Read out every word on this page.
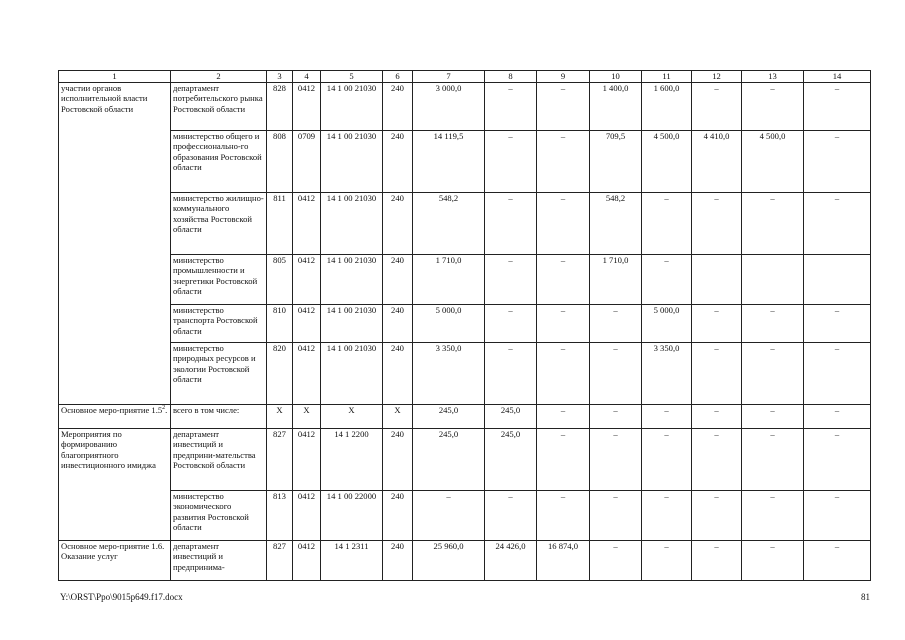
1	2	3	4	5	6	7	8	9	10	11	12	13	14
участии органов исполнительной власти Ростовской области	департамент потребительского рынка Ростовской области	828	0412	14 1 00 21030	240	3 000,0	–	–	1 400,0	1 600,0	–	–	–
	министерство общего и профессионально-го образования Ростовской области	808	0709	14 1 00 21030	240	14 119,5	–	–	709,5	4 500,0	4 410,0	4 500,0	–
	министерство жилищно-коммунального хозяйства Ростовской области	811	0412	14 1 00 21030	240	548,2	–	–	548,2	–	–	–	–
	министерство промышленности и энергетики Ростовской области	805	0412	14 1 00 21030	240	1 710,0	–	–	1 710,0	–			
	министерство транспорта Ростовской области	810	0412	14 1 00 21030	240	5 000,0	–	–	–	5 000,0	–	–	–
	министерство природных ресурсов и экологии Ростовской области	820	0412	14 1 00 21030	240	3 350,0	–	–	–	3 350,0	–	–	–
Основное меро-приятие $1.5^2$.	всего в том числе:	Х	Х	Х	Х	245,0	245,0	–	–	–	–	–	–
Мероприятия по формированию благоприятного инвестиционного имиджа	департамент инвестиций и предприни-мательства Ростовской области	827	0412	14 1 2200	240	245,0	245,0	–	–	–	–	–	–
	министерство экономического развития Ростовской области	813	0412	14 1 00 22000	240	–	–	–	–	–	–	–	–
Основное меро-приятие 1.6. Оказание услуг	департамент инвестиций и предпринима-	827	0412	14 1 2311	240	25 960,0	24 426,0	16 874,0	–	–	–	–	–
Y:\ORST\Ppo\9015p649.f17.docx	81
